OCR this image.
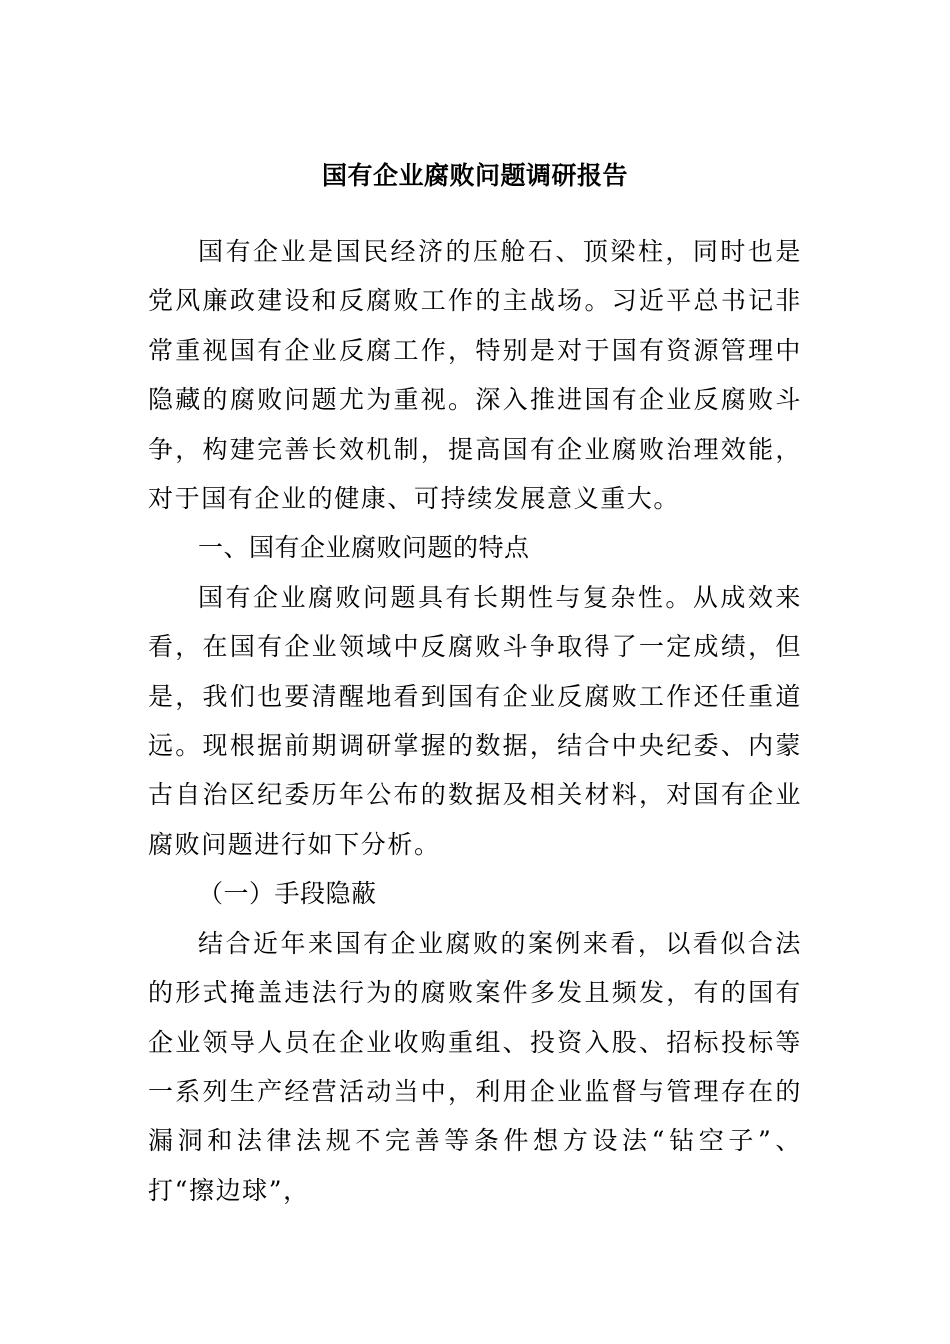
国有企业腐败问题调研报告

国有企业是国民经济的压舱石、顶梁柱，同时也是党风廉政建设和反腐败工作的主战场。习近平总书记非常重视国有企业反腐工作，特别是对于国有资源管理中隐藏的腐败问题尤为重视。深入推进国有企业反腐败斗争，构建完善长效机制，提高国有企业腐败治理效能，对于国有企业的健康、可持续发展意义重大。

一、国有企业腐败问题的特点

国有企业腐败问题具有长期性与复杂性。从成效来看，在国有企业领域中反腐败斗争取得了一定成绩，但是，我们也要清醒地看到国有企业反腐败工作还任重道远。现根据前期调研掌握的数据，结合中央纪委、内蒙古自治区纪委历年公布的数据及相关材料，对国有企业腐败问题进行如下分析。

（一）手段隐蔽

结合近年来国有企业腐败的案例来看，以看似合法的形式掩盖违法行为的腐败案件多发且频发，有的国有企业领导人员在企业收购重组、投资入股、招标投标等一系列生产经营活动当中，利用企业监督与管理存在的漏洞和法律法规不完善等条件想方设法“钻空子”、打“擦边球”，
